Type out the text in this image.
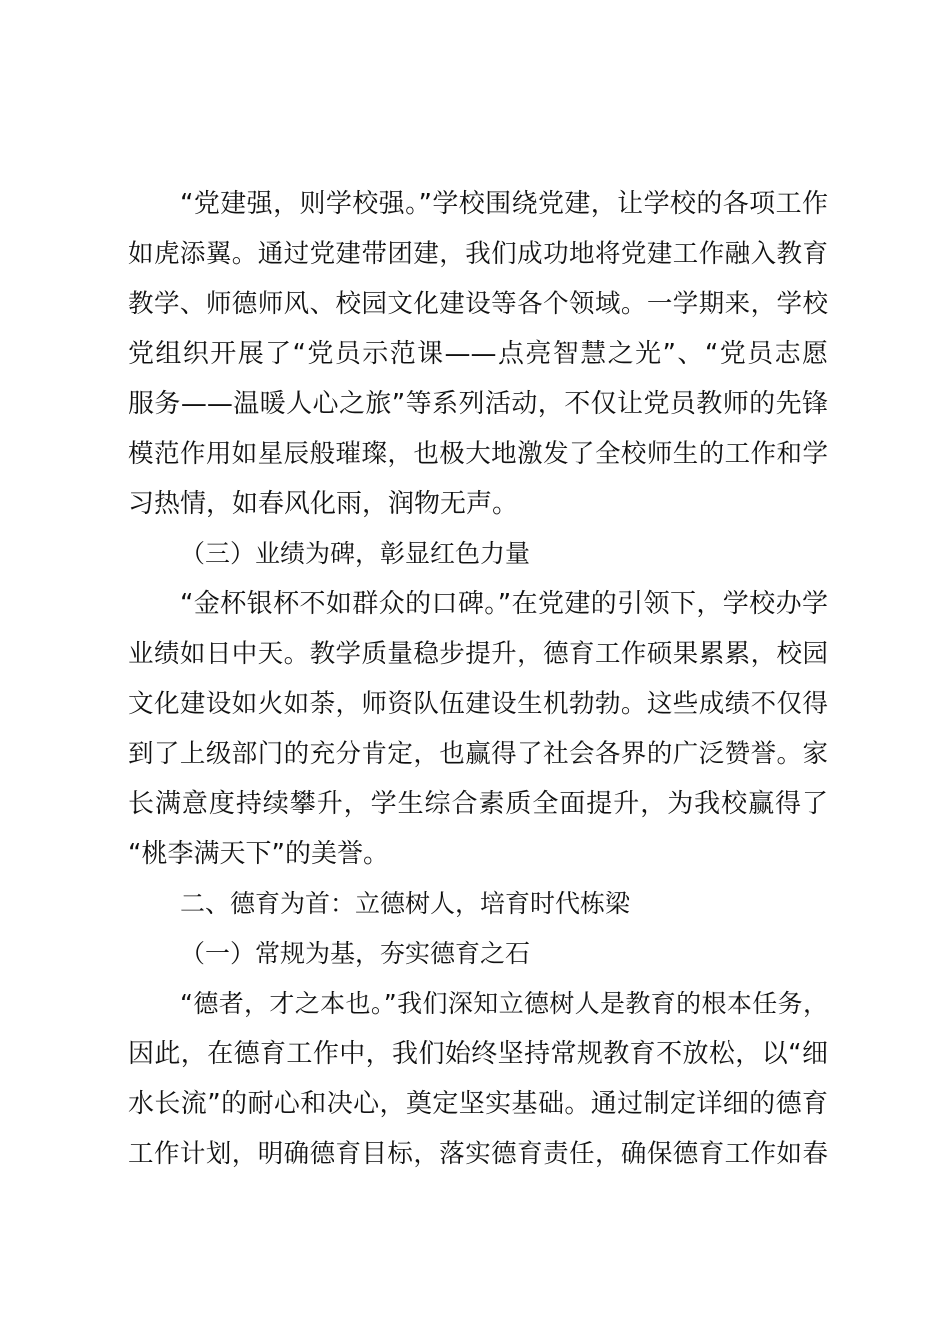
“党建强，则学校强。”学校围绕党建，让学校的各项工作
如虎添翼。通过党建带团建，我们成功地将党建工作融入教育
教学、师德师风、校园文化建设等各个领域。一学期来，学校
党组织开展了“党员示范课——点亮智慧之光”、“党员志愿
服务——温暖人心之旅”等系列活动，不仅让党员教师的先锋
模范作用如星辰般璀璨，也极大地激发了全校师生的工作和学
习热情，如春风化雨，润物无声。
（三）业绩为碑，彰显红色力量
“金杯银杯不如群众的口碑。”在党建的引领下，学校办学
业绩如日中天。教学质量稳步提升，德育工作硕果累累，校园
文化建设如火如荼，师资队伍建设生机勃勃。这些成绩不仅得
到了上级部门的充分肯定，也赢得了社会各界的广泛赞誉。家
长满意度持续攀升，学生综合素质全面提升，为我校赢得了
“桃李满天下”的美誉。
二、德育为首：立德树人，培育时代栋梁
（一）常规为基，夯实德育之石
“德者，才之本也。”我们深知立德树人是教育的根本任务，
因此，在德育工作中，我们始终坚持常规教育不放松，以“细
水长流”的耐心和决心，奠定坚实基础。通过制定详细的德育
工作计划，明确德育目标，落实德育责任，确保德育工作如春
